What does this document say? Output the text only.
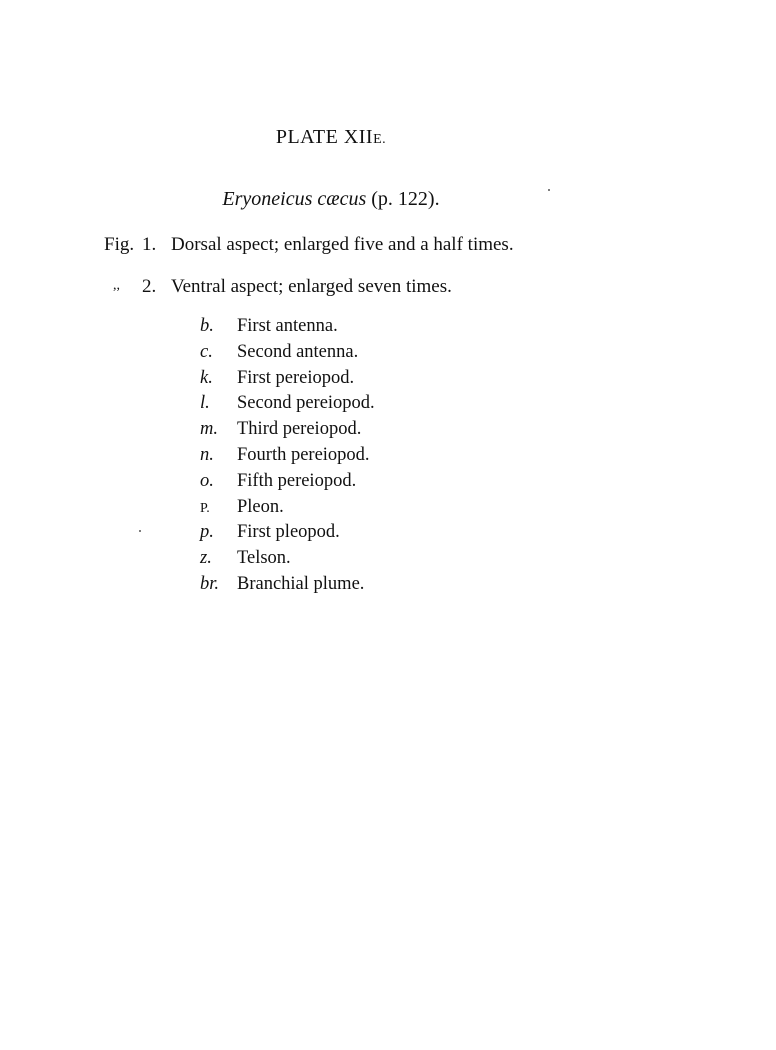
PLATE XIIE.
Eryoneicus cæcus (p. 122).
Fig. 1. Dorsal aspect; enlarged five and a half times.
,, 2. Ventral aspect; enlarged seven times.
b. First antenna.
c. Second antenna.
k. First pereiopod.
l. Second pereiopod.
m. Third pereiopod.
n. Fourth pereiopod.
o. Fifth pereiopod.
P. Pleon.
p. First pleopod.
z. Telson.
br. Branchial plume.
